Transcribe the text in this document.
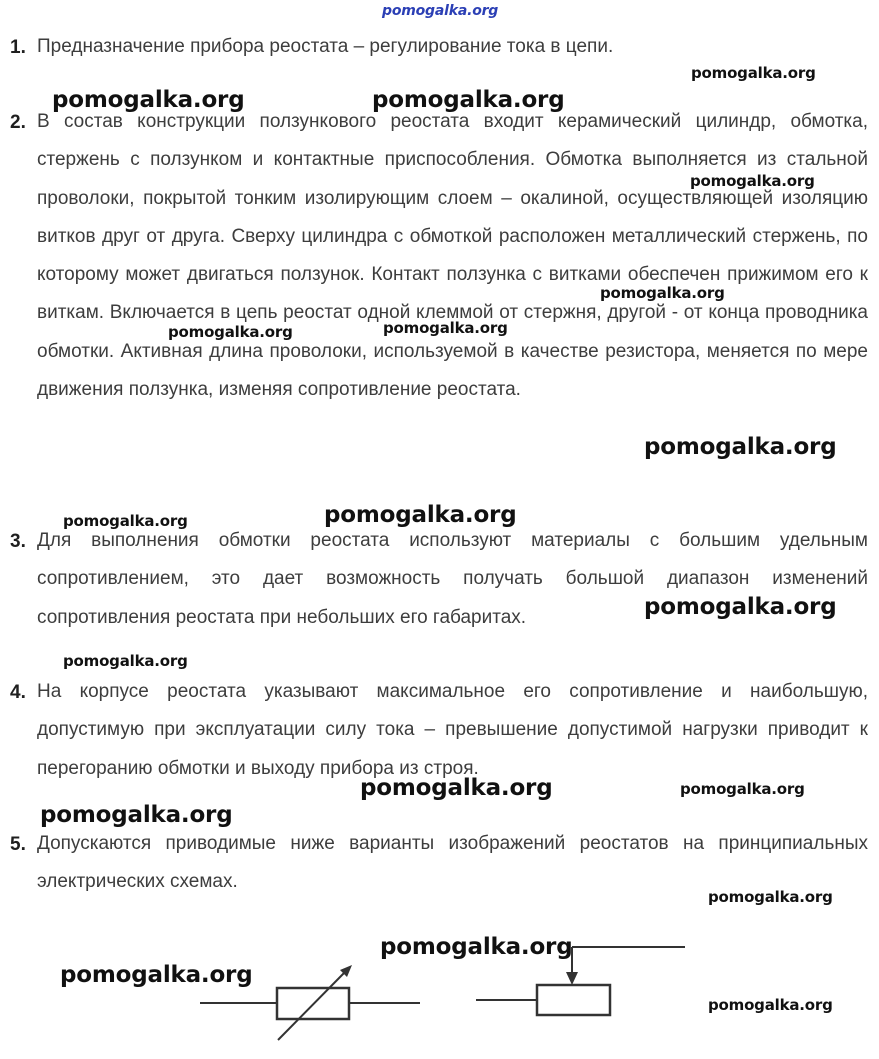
pomogalka.org
1. Предназначение прибора реостата – регулирование тока в цепи.

2. В состав конструкции ползункового реостата входит керамический цилиндр, обмотка, стержень с ползунком и контактные приспособления. Обмотка выполняется из стальной проволоки, покрытой тонким изолирующим слоем – окалиной, осуществляющей изоляцию витков друг от друга. Сверху цилиндра с обмоткой расположен металлический стержень, по которому может двигаться ползунок. Контакт ползунка с витками обеспечен прижимом его к виткам. Включается в цепь реостат одной клеммой от стержня, другой - от конца проводника обмотки. Активная длина проволоки, используемой в качестве резистора, меняется по мере движения ползунка, изменяя сопротивление реостата.

3. Для выполнения обмотки реостата используют материалы с большим удельным сопротивлением, это дает возможность получать большой диапазон изменений сопротивления реостата при небольших его габаритах.

4. На корпусе реостата указывают максимальное его сопротивление и наибольшую, допустимую при эксплуатации силу тока – превышение допустимой нагрузки приводит к перегоранию обмотки и выходу прибора из строя.

5. Допускаются приводимые ниже варианты изображений реостатов на принципиальных электрических схемах.

pomogalka.org
pomogalka.org	pomogalka.org
pomogalka.org
pomogalka.org
pomogalka.org	pomogalka.org
pomogalka.org
pomogalka.org	pomogalka.org
pomogalka.org
pomogalka.org
pomogalka.org	pomogalka.org
pomogalka.org
pomogalka.org
pomogalka.org
pomogalka.org
pomogalka.org
